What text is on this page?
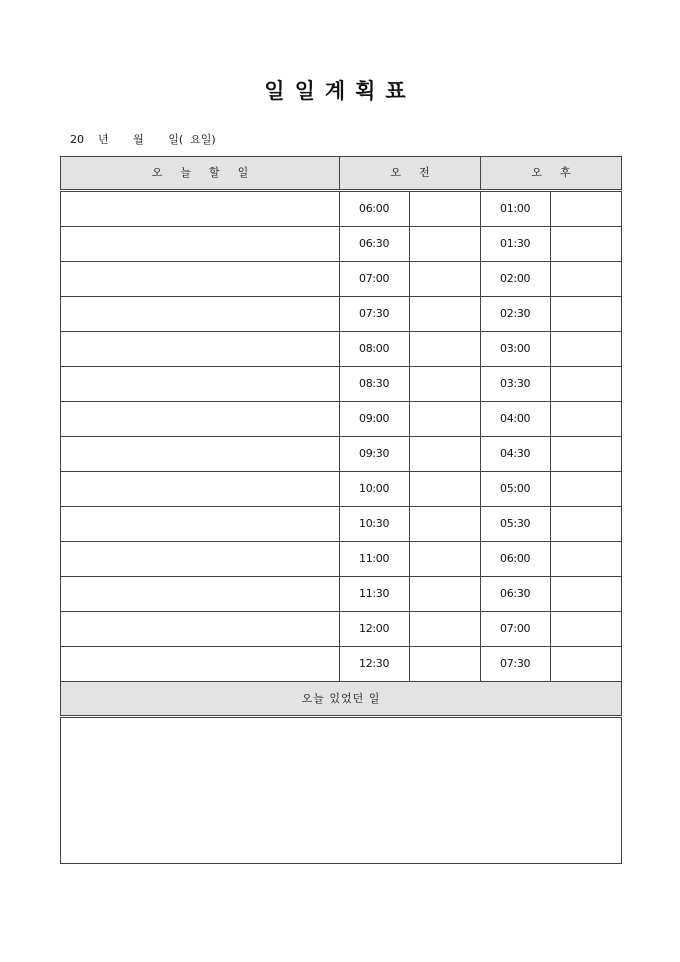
일일계획표
20 년 월 일( 요일)
오늘할일	오전		오후	
	06:00		01:00	
	06:30		01:30	
	07:00		02:00	
	07:30		02:30	
	08:00		03:00	
	08:30		03:30	
	09:00		04:00	
	09:30		04:30	
	10:00		05:00	
	10:30		05:30	
	11:00		06:00	
	11:30		06:30	
	12:00		07:00	
	12:30		07:30	
오늘 있었던 일				
